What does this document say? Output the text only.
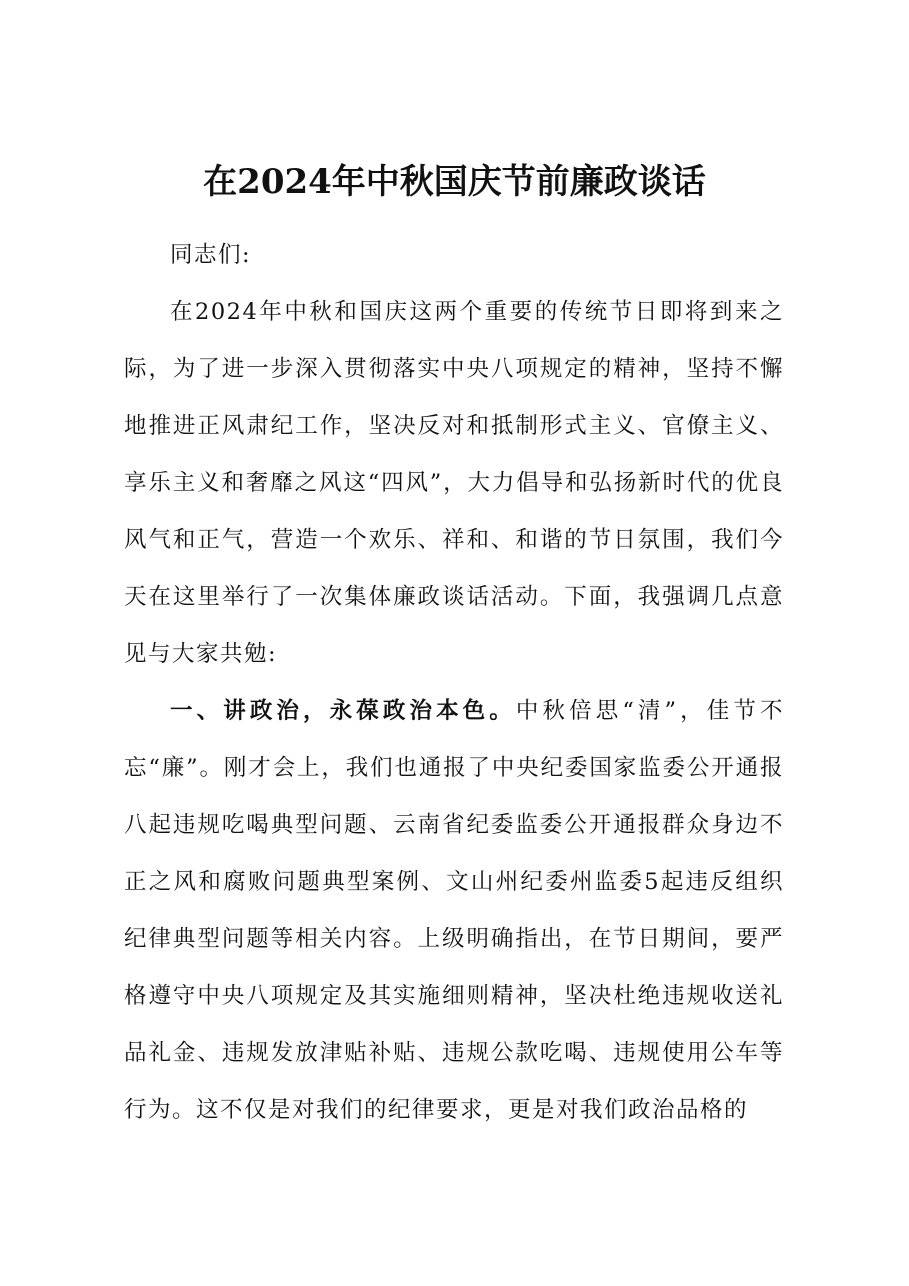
在2024年中秋国庆节前廉政谈话

同志们:

在2024年中秋和国庆这两个重要的传统节日即将到来之际，为了进一步深入贯彻落实中央八项规定的精神，坚持不懈地推进正风肃纪工作，坚决反对和抵制形式主义、官僚主义、享乐主义和奢靡之风这“四风”，大力倡导和弘扬新时代的优良风气和正气，营造一个欢乐、祥和、和谐的节日氛围，我们今天在这里举行了一次集体廉政谈话活动。下面，我强调几点意见与大家共勉:

一、讲政治，永葆政治本色。中秋倍思“清”，佳节不忘“廉”。刚才会上，我们也通报了中央纪委国家监委公开通报八起违规吃喝典型问题、云南省纪委监委公开通报群众身边不正之风和腐败问题典型案例、文山州纪委州监委5起违反组织纪律典型问题等相关内容。上级明确指出，在节日期间，要严格遵守中央八项规定及其实施细则精神，坚决杜绝违规收送礼品礼金、违规发放津贴补贴、违规公款吃喝、违规使用公车等行为。这不仅是对我们的纪律要求，更是对我们政治品格的
